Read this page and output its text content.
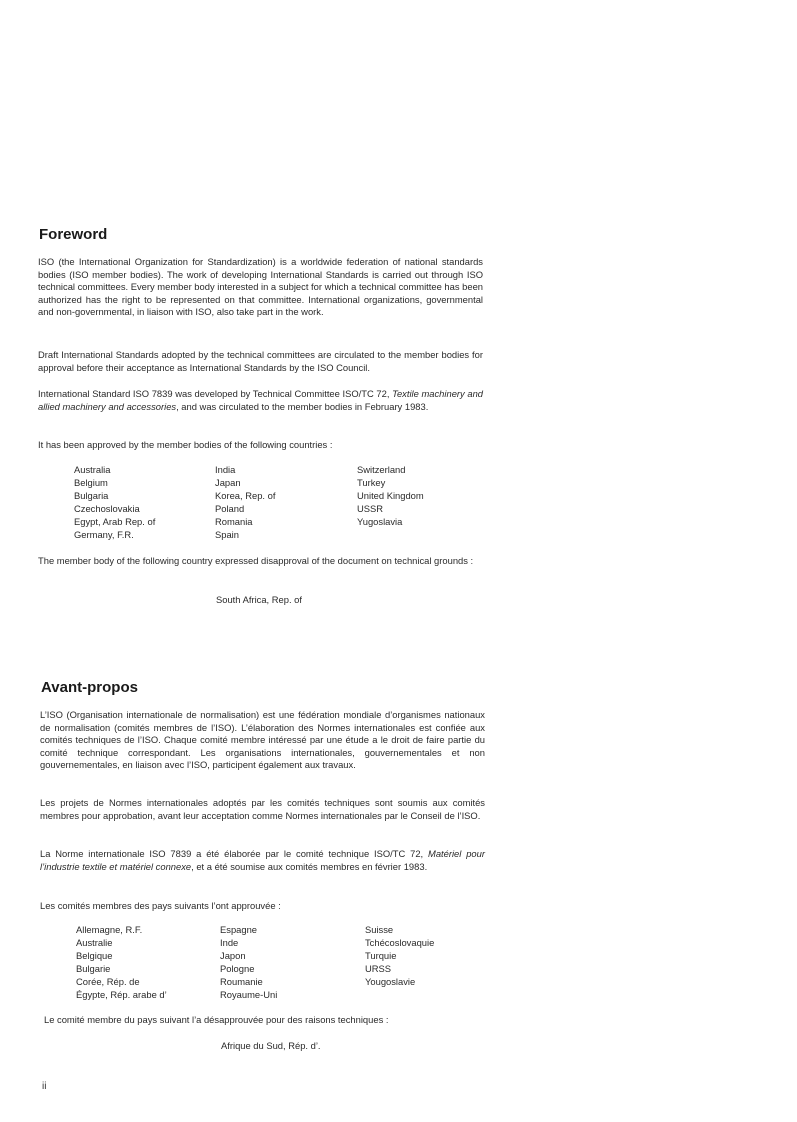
Foreword

ISO (the International Organization for Standardization) is a worldwide federation of national standards bodies (ISO member bodies). The work of developing International Standards is carried out through ISO technical committees. Every member body interested in a subject for which a technical committee has been authorized has the right to be represented on that committee. International organizations, governmental and non-governmental, in liaison with ISO, also take part in the work.

Draft International Standards adopted by the technical committees are circulated to the member bodies for approval before their acceptance as International Standards by the ISO Council.

International Standard ISO 7839 was developed by Technical Committee ISO/TC 72, Textile machinery and allied machinery and accessories, and was circulated to the member bodies in February 1983.

It has been approved by the member bodies of the following countries :

Australia
Belgium
Bulgaria
Czechoslovakia
Egypt, Arab Rep. of
Germany, F.R.
India
Japan
Korea, Rep. of
Poland
Romania
Spain
Switzerland
Turkey
United Kingdom
USSR
Yugoslavia

The member body of the following country expressed disapproval of the document on technical grounds :

South Africa, Rep. of
Avant-propos

L’ISO (Organisation internationale de normalisation) est une fédération mondiale d’organismes nationaux de normalisation (comités membres de l’ISO). L’élaboration des Normes internationales est confiée aux comités techniques de l’ISO. Chaque comité membre intéressé par une étude a le droit de faire partie du comité technique correspondant. Les organisations internationales, gouvernementales et non gouvernementales, en liaison avec l’ISO, participent également aux travaux.

Les projets de Normes internationales adoptés par les comités techniques sont soumis aux comités membres pour approbation, avant leur acceptation comme Normes internationales par le Conseil de l’ISO.

La Norme internationale ISO 7839 a été élaborée par le comité technique ISO/TC 72, Matériel pour l’industrie textile et matériel connexe, et a été soumise aux comités membres en février 1983.

Les comités membres des pays suivants l’ont approuvée :

Allemagne, R.F.
Australie
Belgique
Bulgarie
Corée, Rép. de
Égypte, Rép. arabe d’
Espagne
Inde
Japon
Pologne
Roumanie
Royaume-Uni
Suisse
Tchécoslovaquie
Turquie
URSS
Yougoslavie

Le comité membre du pays suivant l’a désapprouvée pour des raisons techniques :

Afrique du Sud, Rép. d’.
ii
